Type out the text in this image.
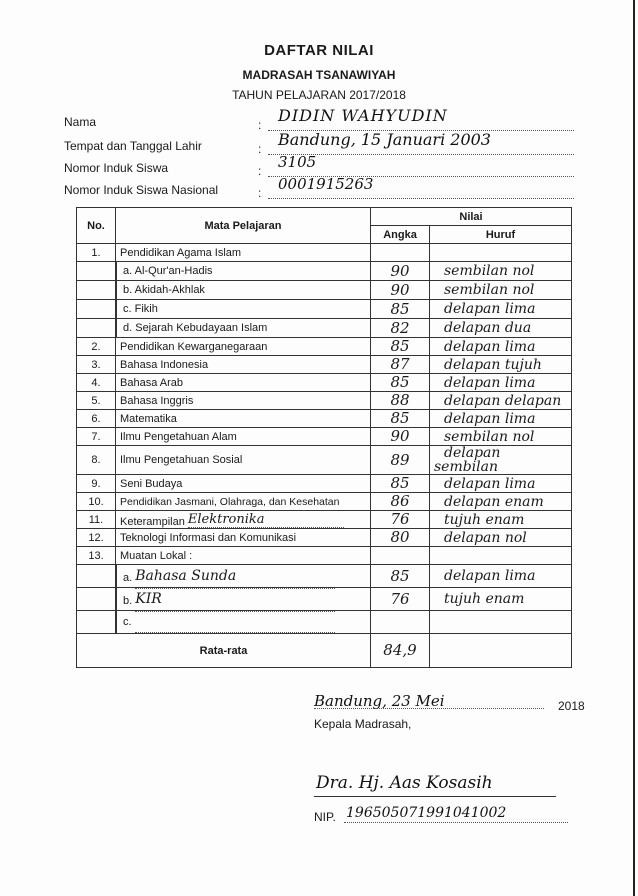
DAFTAR NILAI
MADRASAH TSANAWIYAH
TAHUN PELAJARAN 2017/2018
Nama	: DIDIN WAHYUDIN
Tempat dan Tanggal Lahir	: Bandung, 15 Januari 2003
Nomor Induk Siswa	: 3105
Nomor Induk Siswa Nasional	: 0001915263
No.	Mata Pelajaran	Nilai	
		Angka	Huruf
1.	Pendidikan Agama Islam		
	a. Al-Qur'an-Hadis	90	sembilan nol
	b. Akidah-Akhlak	90	sembilan nol
	c. Fikih	85	delapan lima
	d. Sejarah Kebudayaan Islam	82	delapan dua
2.	Pendidikan Kewarganegaraan	85	delapan lima
3.	Bahasa Indonesia	87	delapan tujuh
4.	Bahasa Arab	85	delapan lima
5.	Bahasa Inggris	88	delapan delapan
6.	Matematika	85	delapan lima
7.	Ilmu Pengetahuan Alam	90	sembilan nol
8.	Ilmu Pengetahuan Sosial	89	delapan sembilan
9.	Seni Budaya	85	delapan lima
10.	Pendidikan Jasmani, Olahraga, dan Kesehatan	86	delapan enam
11.	Keterampilan Elektronika	76	tujuh enam
12.	Teknologi Informasi dan Komunikasi	80	delapan nol
13.	Muatan Lokal :		
	a. Bahasa Sunda	85	delapan lima
	b. KIR	76	tujuh enam
	c.		
Rata-rata		84,9	
Bandung, 23 Mei	2018
Kepala Madrasah,
Dra. Hj. Aas Kosasih
NIP. 196505071991041002
